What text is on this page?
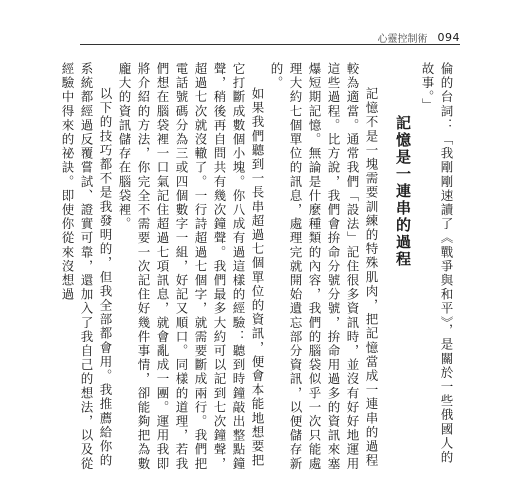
心靈控制術 094

倫的台詞：「我剛剛速讀了《戰爭與和平》，是關於一些俄國人的故事。」

記憶是一連串的過程

記憶不是一塊需要訓練的特殊肌肉，把記憶當成一連串的過程較為適當。通常我們「設法」記住很多資訊時，並沒有好好地運用這些過程。比方說，我們會拚命分號分號，拚命用過多的資訊來塞爆短期記憶。無論是什麼種類的內容，我們的腦袋似乎一次只能處理大約七個單位的訊息，處理完就開始遺忘部分資訊，以便儲存新的。

如果我們聽到一長串超過七個單位的資訊，便會本能地想要把它打斷成數個小塊。你八成有過這樣的經驗：聽到時鐘敲出整點鐘聲，稍後再自問共有幾次鐘聲。我們最多大約可以記到七次鐘聲，超過七次就沒轍了。一行詩超過七個字，就需要斷成兩行。我們把電話號碼分為三或四個數字一組，好記又順口。同樣的道理，若我們想在腦袋裡一口氣記住超過七項訊息，就會亂成一團。運用我即將介紹的方法，你完全不需要一次記住好幾件事情，卻能夠把為數龐大的資訊儲存在腦袋裡。

以下的技巧都不是我發明的，但我全部都會用。我推薦給你的系統都經過反覆嘗試、證實可靠，還加入了我自己的想法，以及從經驗中得來的祕訣。即使你從來沒想過
